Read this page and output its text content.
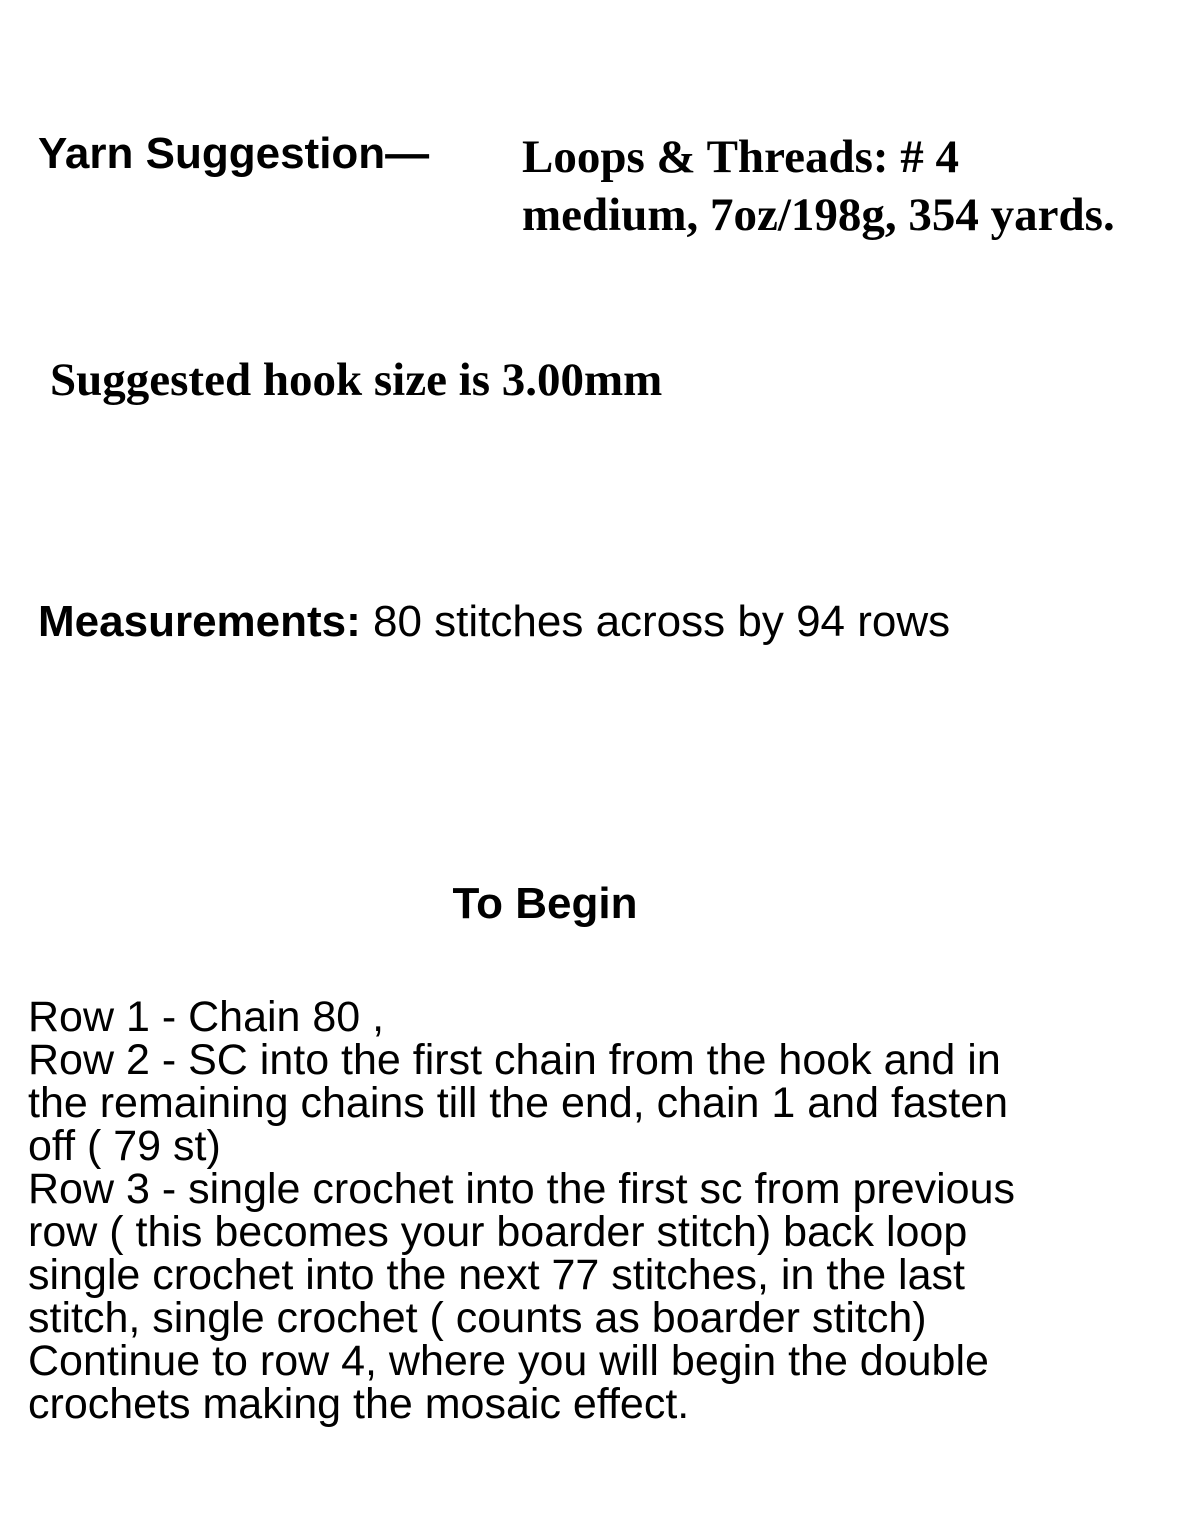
Yarn Suggestion— Loops & Threads: # 4
medium, 7oz/198g, 354 yards.
Suggested hook size is 3.00mm
Measurements: 80 stitches across by 94 rows
To Begin
Row 1 - Chain 80 ,
Row 2 - SC into the first chain from the hook and in
the remaining chains till the end, chain 1 and fasten
off ( 79 st)
Row 3 - single crochet into the first sc from previous
row ( this becomes your boarder stitch) back loop
single crochet into the next 77 stitches, in the last
stitch, single crochet ( counts as boarder stitch)
Continue to row 4, where you will begin the double
crochets making the mosaic effect.
